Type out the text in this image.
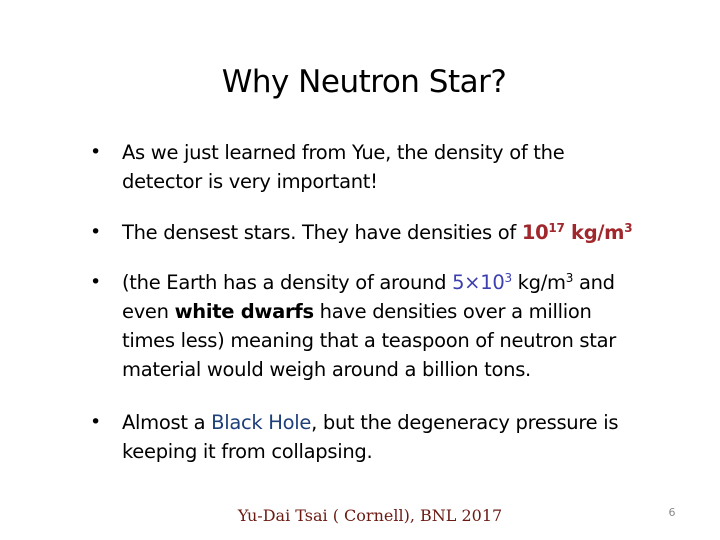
Why Neutron Star?
•	As we just learned from Yue, the density of the detector is very important!
•	The densest stars. They have densities of $10^{17}$ $kg/m^3$
•	(the Earth has a density of around $5\times 10^3$ $kg/m^3$ and even white dwarfs have densities over a million times less) meaning that a teaspoon of neutron star material would weigh around a billion tons.
•	Almost a Black Hole, but the degeneracy pressure is keeping it from collapsing.
Yu-Dai Tsai ( Cornell), BNL 2017	6
